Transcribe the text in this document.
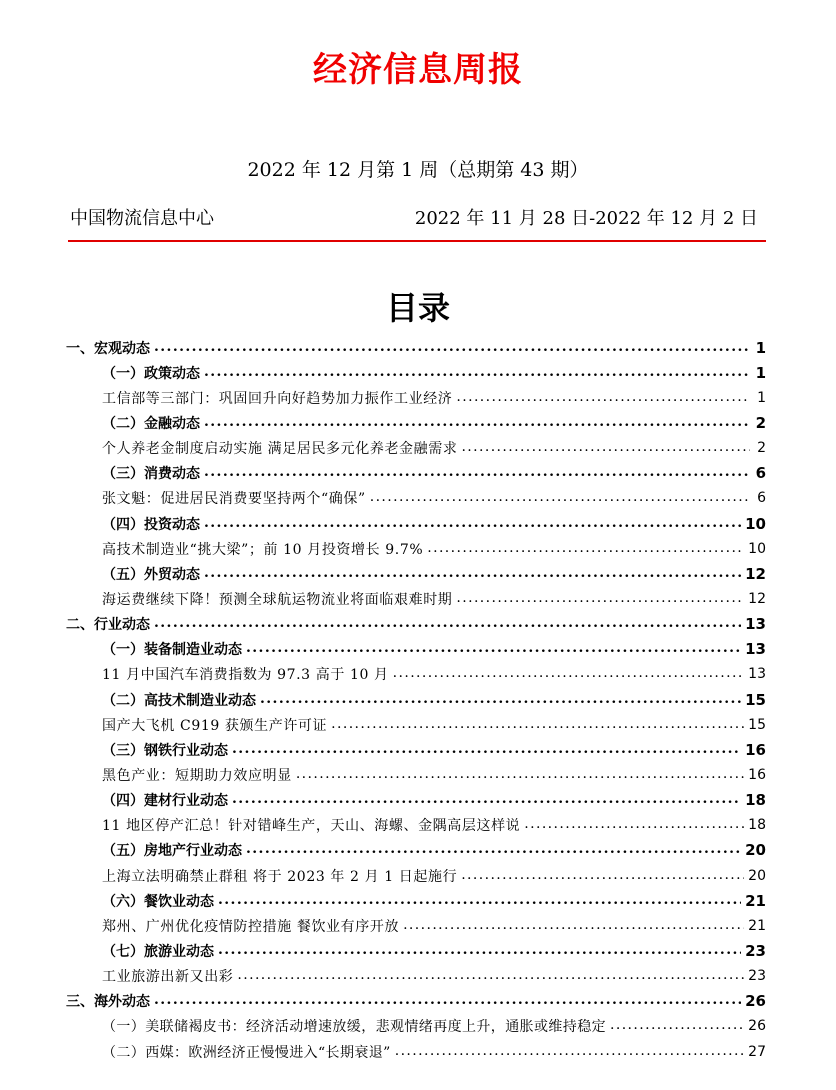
经济信息周报
2022 年 12 月第 1 周（总期第 43 期）
中国物流信息中心	2022 年 11 月 28 日-2022 年 12 月 2 日
目录
一、宏观动态 .....	1
（一）政策动态 .....	1
工信部等三部门：巩固回升向好趋势加力振作工业经济 .....	1
（二）金融动态 .....	2
个人养老金制度启动实施 满足居民多元化养老金融需求 .....	2
（三）消费动态 .....	6
张文魁：促进居民消费要坚持两个“确保” .....	6
（四）投资动态 .....	10
高技术制造业“挑大梁”；前 10 月投资增长 9.7% .....	10
（五）外贸动态 .....	12
海运费继续下降！预测全球航运物流业将面临艰难时期 .....	12
二、行业动态 .....	13
（一）装备制造业动态 .....	13
11 月中国汽车消费指数为 97.3 高于 10 月 .....	13
（二）高技术制造业动态 .....	15
国产大飞机 C919 获颁生产许可证 .....	15
（三）钢铁行业动态 .....	16
黑色产业：短期助力效应明显 .....	16
（四）建材行业动态 .....	18
11 地区停产汇总！针对错峰生产，天山、海螺、金隅高层这样说 .....	18
（五）房地产行业动态 .....	20
上海立法明确禁止群租 将于 2023 年 2 月 1 日起施行 .....	20
（六）餐饮业动态 .....	21
郑州、广州优化疫情防控措施 餐饮业有序开放 .....	21
（七）旅游业动态 .....	23
工业旅游出新又出彩 .....	23
三、海外动态 .....	26
（一）美联储褐皮书：经济活动增速放缓，悲观情绪再度上升，通胀或维持稳定 .....	26
（二）西媒：欧洲经济正慢慢进入“长期衰退” .....	27
